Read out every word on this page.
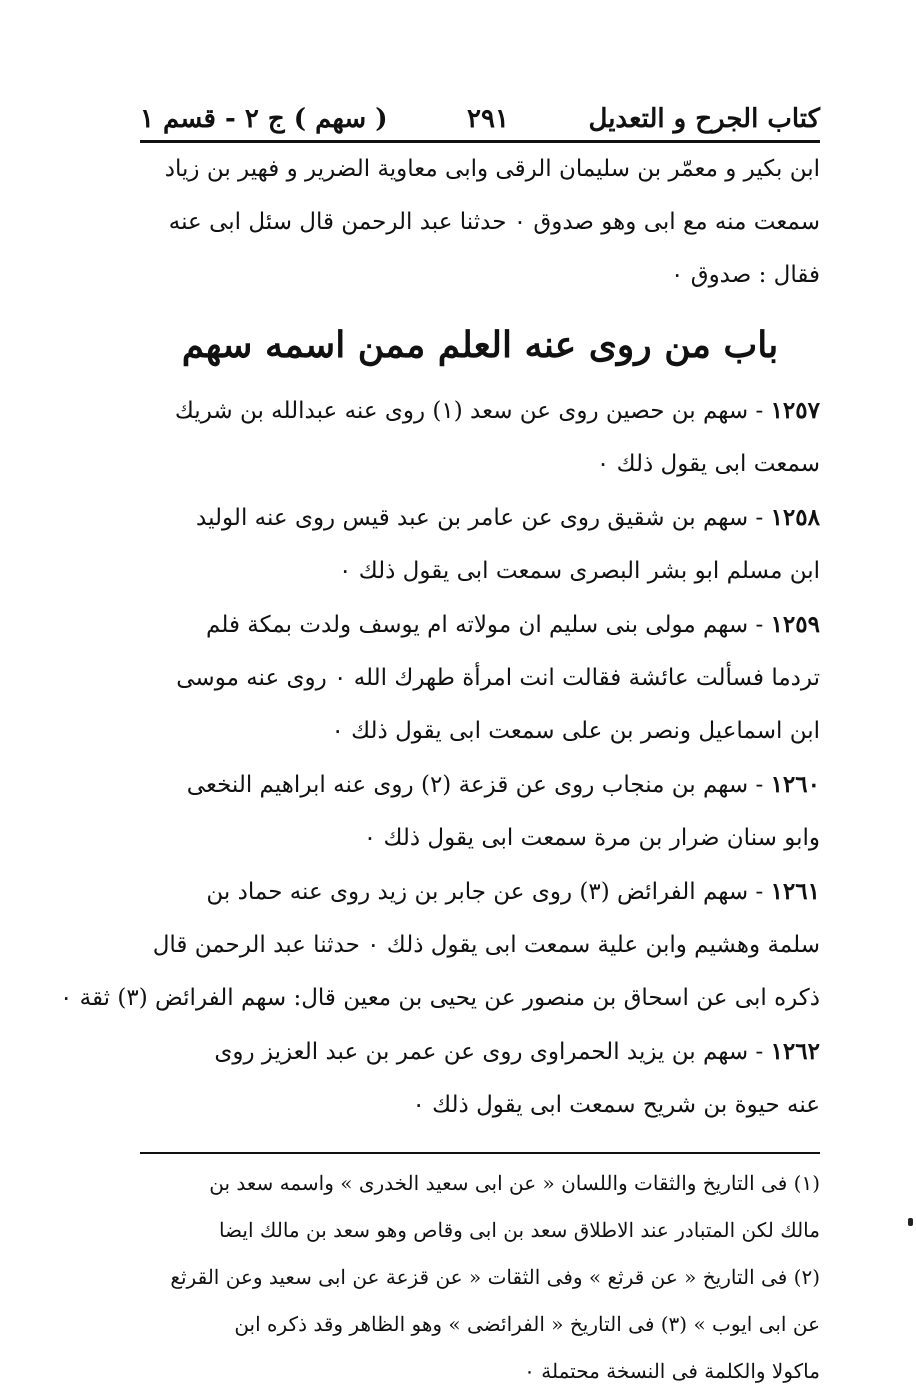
كتاب الجرح و التعديل
٢٩١
( سهم ) ج ٢ - قسم ١
ابن بكير و معمّر بن سليمان الرقى وابى معاوية الضرير و فهير بن زياد
سمعت منه مع ابى وهو صدوق ٠ حدثنا عبد الرحمن قال سئل ابى عنه
فقال : صدوق ٠
باب من روى عنه العلم ممن اسمه سهم
١٢٥٧ - سهم بن حصين روى عن سعد (١) روى عنه عبدالله بن شريك
سمعت ابى يقول ذلك ٠
١٢٥٨ - سهم بن شقيق روى عن عامر بن عبد قيس روى عنه الوليد
ابن مسلم ابو بشر البصرى سمعت ابى يقول ذلك ٠
١٢٥٩ - سهم مولى بنى سليم ان مولاته ام يوسف ولدت بمكة فلم
تردما فسألت عائشة فقالت انت امرأة طهرك الله ٠ روى عنه موسى
ابن اسماعيل ونصر بن على سمعت ابى يقول ذلك ٠
١٢٦٠ - سهم بن منجاب روى عن قزعة (٢) روى عنه ابراهيم النخعى
وابو سنان ضرار بن مرة سمعت ابى يقول ذلك ٠
١٢٦١ - سهم الفرائض (٣) روى عن جابر بن زيد روى عنه حماد بن
سلمة وهشيم وابن علية سمعت ابى يقول ذلك ٠ حدثنا عبد الرحمن قال
ذكره ابى عن اسحاق بن منصور عن يحيى بن معين قال: سهم الفرائض (٣) ثقة ٠
١٢٦٢ - سهم بن يزيد الحمراوى روى عن عمر بن عبد العزيز روى
عنه حيوة بن شريح سمعت ابى يقول ذلك ٠
(١) فى التاريخ والثقات واللسان « عن ابى سعيد الخدرى » واسمه سعد بن
مالك لكن المتبادر عند الاطلاق سعد بن ابى وقاص وهو سعد بن مالك ايضا
(٢) فى التاريخ « عن قرثع » وفى الثقات « عن قزعة عن ابى سعيد وعن القرثع
عن ابى ايوب » (٣) فى التاريخ « الفرائضى » وهو الظاهر وقد ذكره ابن
ماكولا والكلمة فى النسخة محتملة ٠
